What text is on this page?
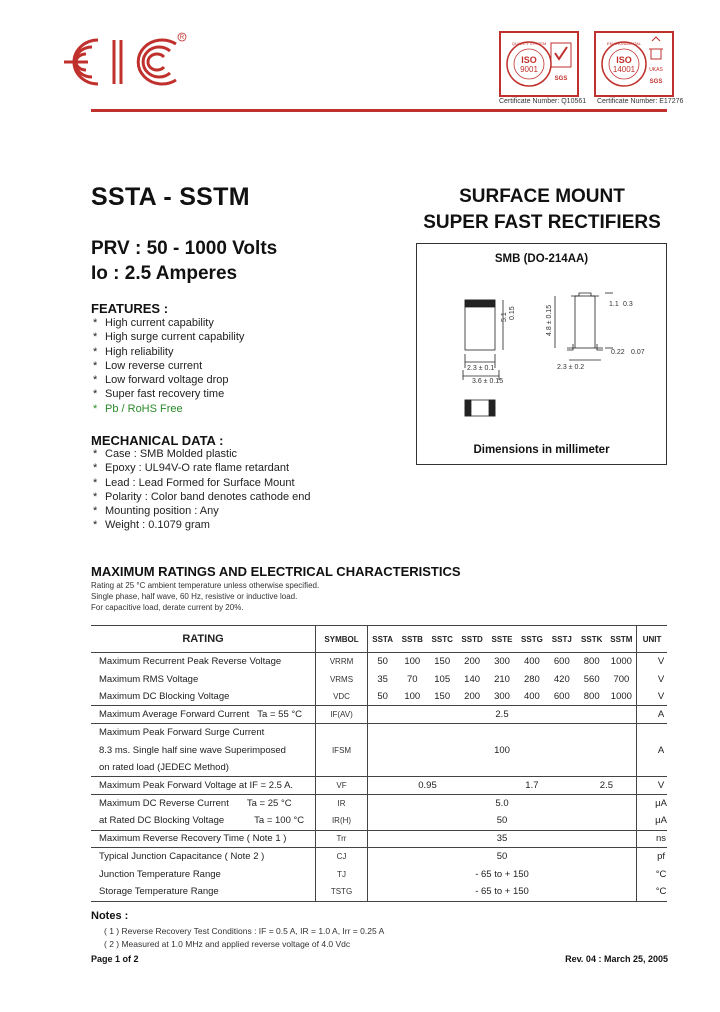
R
ISO
9001
QUALITY SYSTEM
SGS
Certificate Number: Q10561
ISO
14001
ENVIRONMENTAL
UKAS
SGS
Certificate Number: E17276
SSTA - SSTM	SURFACE MOUNT
SUPER FAST RECTIFIERS
PRV : 50 - 1000 Volts
Io : 2.5 Amperes
FEATURES :
* High current capability
* High surge current capability
* High reliability
* Low reverse current
* Low forward voltage drop
* Super fast recovery time
* Pb / RoHS Free
MECHANICAL DATA :
* Case : SMB Molded plastic
* Epoxy : UL94V-O rate flame retardant
* Lead : Lead Formed for Surface Mount
* Polarity : Color band denotes cathode end
* Mounting position : Any
* Weight : 0.1079 gram
SMB (DO-214AA)
2.3 ± 0.1
3.6 ± 0.15
5.1 0.15	4.8 ± 0.15
1.1 0.3
0.22 0.07
2.3 ± 0.2
Dimensions in millimeter
MAXIMUM RATINGS AND ELECTRICAL CHARACTERISTICS
Rating at 25 °C ambient temperature unless otherwise specified.
Single phase, half wave, 60 Hz, resistive or inductive load.
For capacitive load, derate current by 20%.
RATING	SYMBOL	SSTA	SSTB	SSTC	SSTD	SSTE	SSTG	SSTJ	SSTK	SSTM	UNIT
Maximum Recurrent Peak Reverse Voltage	VRRM	50	100	150	200	300	400	600	800	1000	V
Maximum RMS Voltage	VRMS	35	70	105	140	210	280	420	560	700	V
Maximum DC Blocking Voltage	VDC	50	100	150	200	300	400	600	800	1000	V
Maximum Average Forward Current Ta = 55 °C	IF(AV)	2.5									A
Maximum Peak Forward Surge Current	IFSM	100									A
8.3 ms. Single half sine wave Superimposed											
on rated load (JEDEC Method)											
Maximum Peak Forward Voltage at IF = 2.5 A.	VF	0.95				1.7			2.5		V
Maximum DC Reverse Current Ta = 25 °C	IR	5.0									μA
at Rated DC Blocking Voltage Ta = 100 °C	IR(H)	50									μA
Maximum Reverse Recovery Time ( Note 1 )	Trr	35									ns
Typical Junction Capacitance ( Note 2 )	CJ	50									pf
Junction Temperature Range	TJ	- 65 to + 150									°C
Storage Temperature Range	TSTG	- 65 to + 150									°C
Notes :
( 1 ) Reverse Recovery Test Conditions : IF = 0.5 A, IR = 1.0 A, Irr = 0.25 A
( 2 ) Measured at 1.0 MHz and applied reverse voltage of 4.0 Vdc
Page 1 of 2	Rev. 04 : March 25, 2005
